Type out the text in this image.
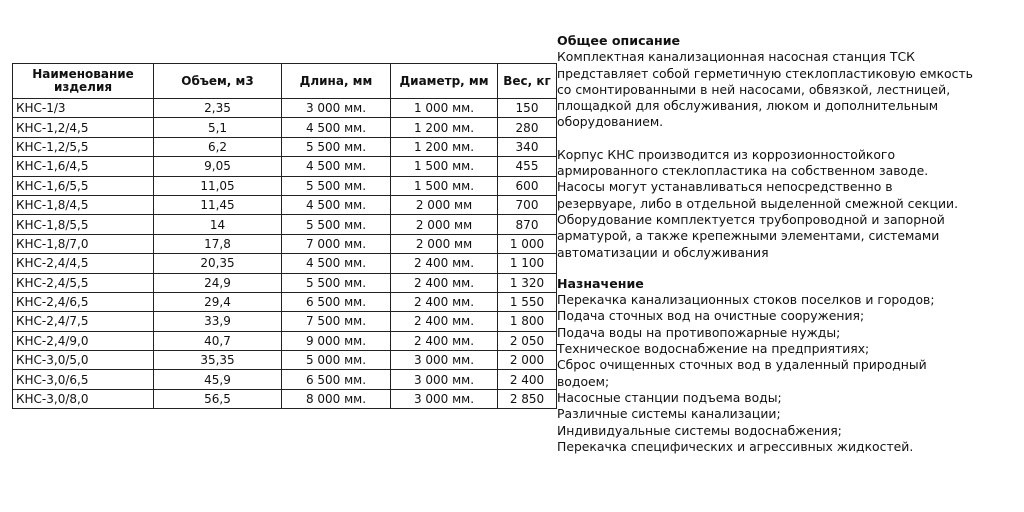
Наименование изделия	Объем, м3	Длина, мм	Диаметр, мм	Вес, кг
КНС-1/3	2,35	3 000 мм.	1 000 мм.	150
КНС-1,2/4,5	5,1	4 500 мм.	1 200 мм.	280
КНС-1,2/5,5	6,2	5 500 мм.	1 200 мм.	340
КНС-1,6/4,5	9,05	4 500 мм.	1 500 мм.	455
КНС-1,6/5,5	11,05	5 500 мм.	1 500 мм.	600
КНС-1,8/4,5	11,45	4 500 мм.	2 000 мм	700
КНС-1,8/5,5	14	5 500 мм.	2 000 мм	870
КНС-1,8/7,0	17,8	7 000 мм.	2 000 мм	1 000
КНС-2,4/4,5	20,35	4 500 мм.	2 400 мм.	1 100
КНС-2,4/5,5	24,9	5 500 мм.	2 400 мм.	1 320
КНС-2,4/6,5	29,4	6 500 мм.	2 400 мм.	1 550
КНС-2,4/7,5	33,9	7 500 мм.	2 400 мм.	1 800
КНС-2,4/9,0	40,7	9 000 мм.	2 400 мм.	2 050
КНС-3,0/5,0	35,35	5 000 мм.	3 000 мм.	2 000
КНС-3,0/6,5	45,9	6 500 мм.	3 000 мм.	2 400
КНС-3,0/8,0	56,5	8 000 мм.	3 000 мм.	2 850
Общее описание

Комплектная канализационная насосная станция ТСК
представляет собой герметичную стеклопластиковую емкость
со смонтированными в ней насосами, обвязкой, лестницей,
площадкой для обслуживания, люком и дополнительным
оборудованием.

Корпус КНС производится из коррозионностойкого
армированного стеклопластика на собственном заводе.
Насосы могут устанавливаться непосредственно в
резервуаре, либо в отдельной выделенной смежной секции.
Оборудование комплектуется трубопроводной и запорной
арматурой, а также крепежными элементами, системами
автоматизации и обслуживания

Назначение
Перекачка канализационных стоков поселков и городов;
Подача сточных вод на очистные сооружения;
Подача воды на противопожарные нужды;
Техническое водоснабжение на предприятиях;
Сброс очищенных сточных вод в удаленный природный
водоем;
Насосные станции подъема воды;
Различные системы канализации;
Индивидуальные системы водоснабжения;
Перекачка специфических и агрессивных жидкостей.
